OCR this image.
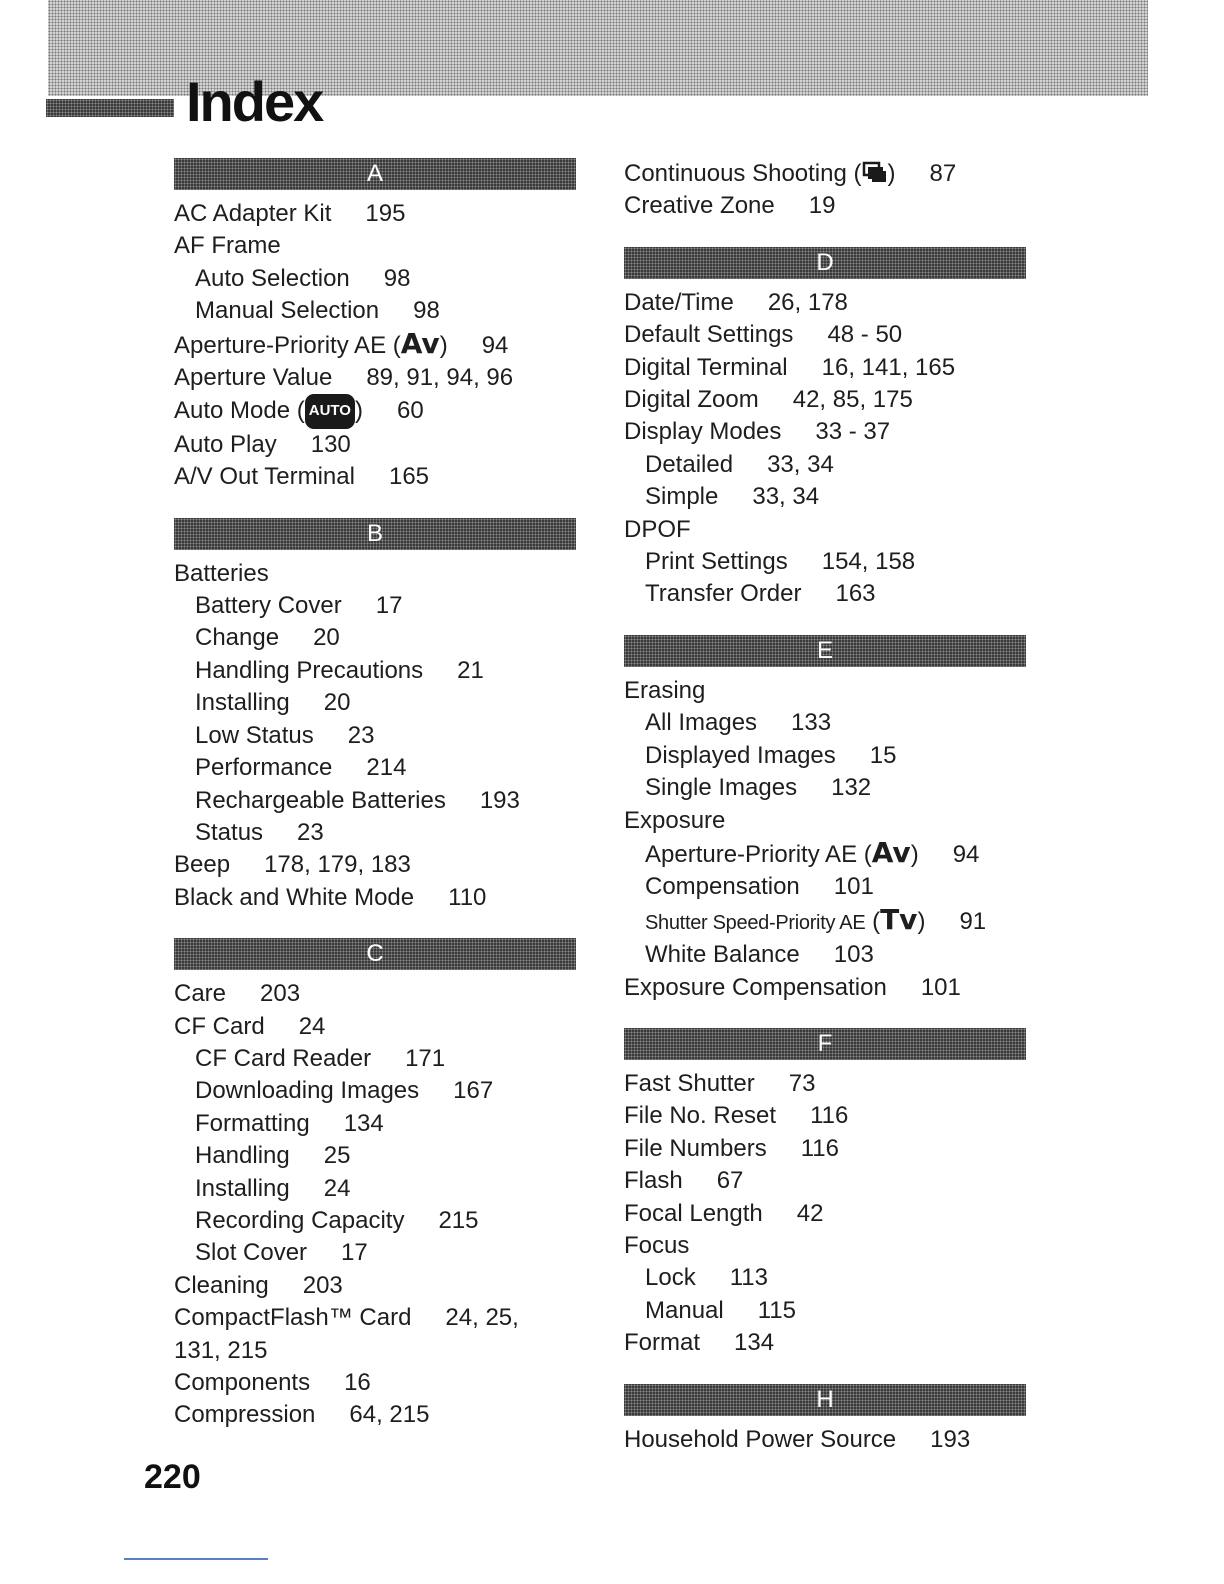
Index
A
AC Adapter Kit 195
AF Frame
Auto Selection 98
Manual Selection 98
Aperture-Priority AE (Av) 94
Aperture Value 89, 91, 94, 96
Auto Mode ( AUTO ) 60
Auto Play 130
A/V Out Terminal 165
B
Batteries
Battery Cover 17
Change 20
Handling Precautions 21
Installing 20
Low Status 23
Performance 214
Rechargeable Batteries 193
Status 23
Beep 178, 179, 183
Black and White Mode 110
C
Care 203
CF Card 24
CF Card Reader 171
Downloading Images 167
Formatting 134
Handling 25
Installing 24
Recording Capacity 215
Slot Cover 17
Cleaning 203
CompactFlash™ Card 24, 25, 131, 215
Components 16
Compression 64, 215
Continuous Shooting ( ) 87
Creative Zone 19
D
Date/Time 26, 178
Default Settings 48 - 50
Digital Terminal 16, 141, 165
Digital Zoom 42, 85, 175
Display Modes 33 - 37
Detailed 33, 34
Simple 33, 34
DPOF
Print Settings 154, 158
Transfer Order 163
E
Erasing
All Images 133
Displayed Images 15
Single Images 132
Exposure
Aperture-Priority AE (Av) 94
Compensation 101
Shutter Speed-Priority AE (Tv) 91
White Balance 103
Exposure Compensation 101
F
Fast Shutter 73
File No. Reset 116
File Numbers 116
Flash 67
Focal Length 42
Focus
Lock 113
Manual 115
Format 134
H
Household Power Source 193
220
